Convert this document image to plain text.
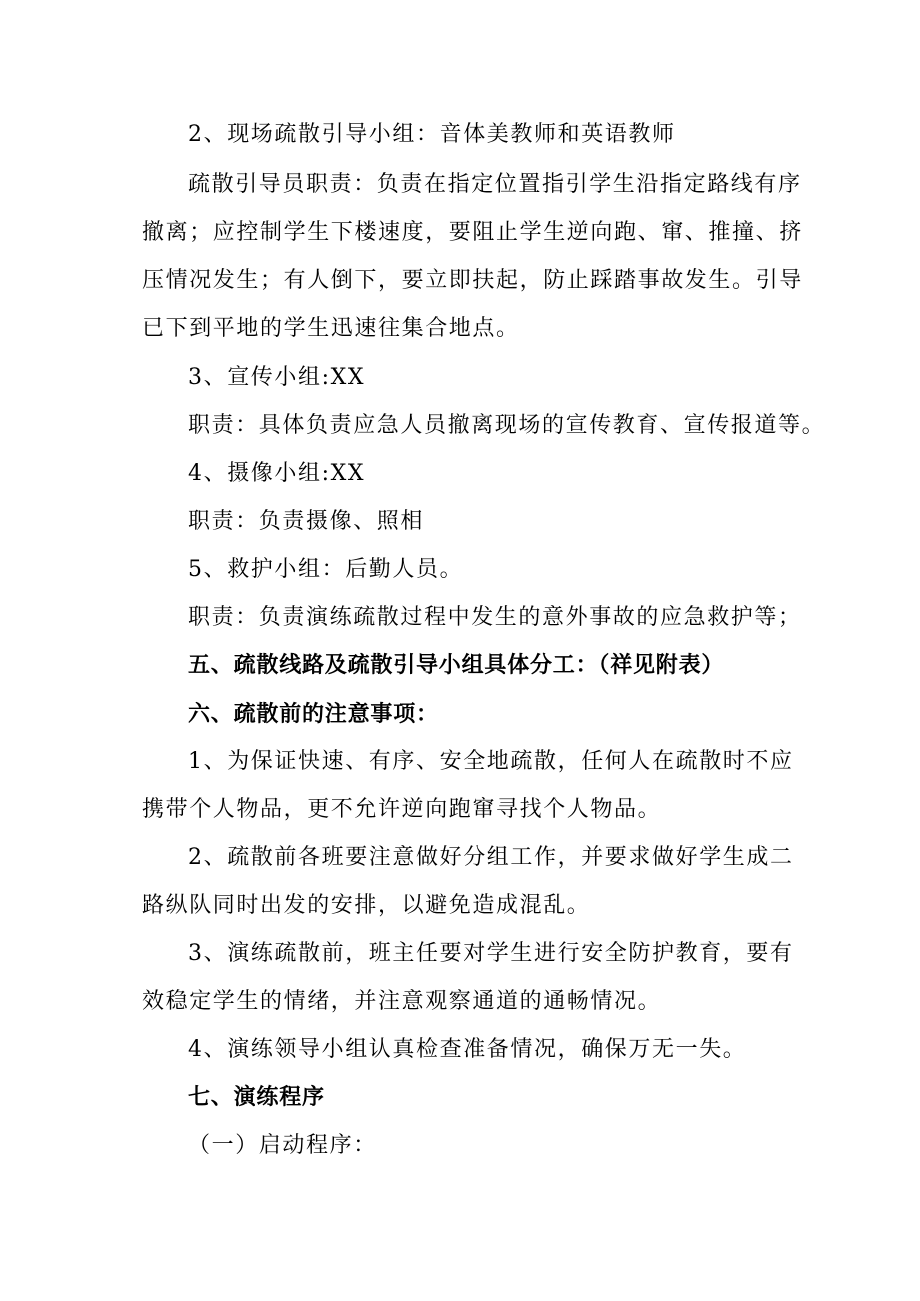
2、现场疏散引导小组：音体美教师和英语教师
疏散引导员职责：负责在指定位置指引学生沿指定路线有序
撤离；应控制学生下楼速度，要阻止学生逆向跑、窜、推撞、挤
压情况发生；有人倒下，要立即扶起，防止踩踏事故发生。引导
已下到平地的学生迅速往集合地点。
3、宣传小组:XX
职责：具体负责应急人员撤离现场的宣传教育、宣传报道等。
4、摄像小组:XX
职责：负责摄像、照相
5、救护小组：后勤人员。
职责：负责演练疏散过程中发生的意外事故的应急救护等；
五、疏散线路及疏散引导小组具体分工：（祥见附表）
六、疏散前的注意事项：
1、为保证快速、有序、安全地疏散，任何人在疏散时不应
携带个人物品，更不允许逆向跑窜寻找个人物品。
2、疏散前各班要注意做好分组工作，并要求做好学生成二
路纵队同时出发的安排，以避免造成混乱。
3、演练疏散前，班主任要对学生进行安全防护教育，要有
效稳定学生的情绪，并注意观察通道的通畅情况。
4、演练领导小组认真检查准备情况，确保万无一失。
七、演练程序
（一）启动程序：
